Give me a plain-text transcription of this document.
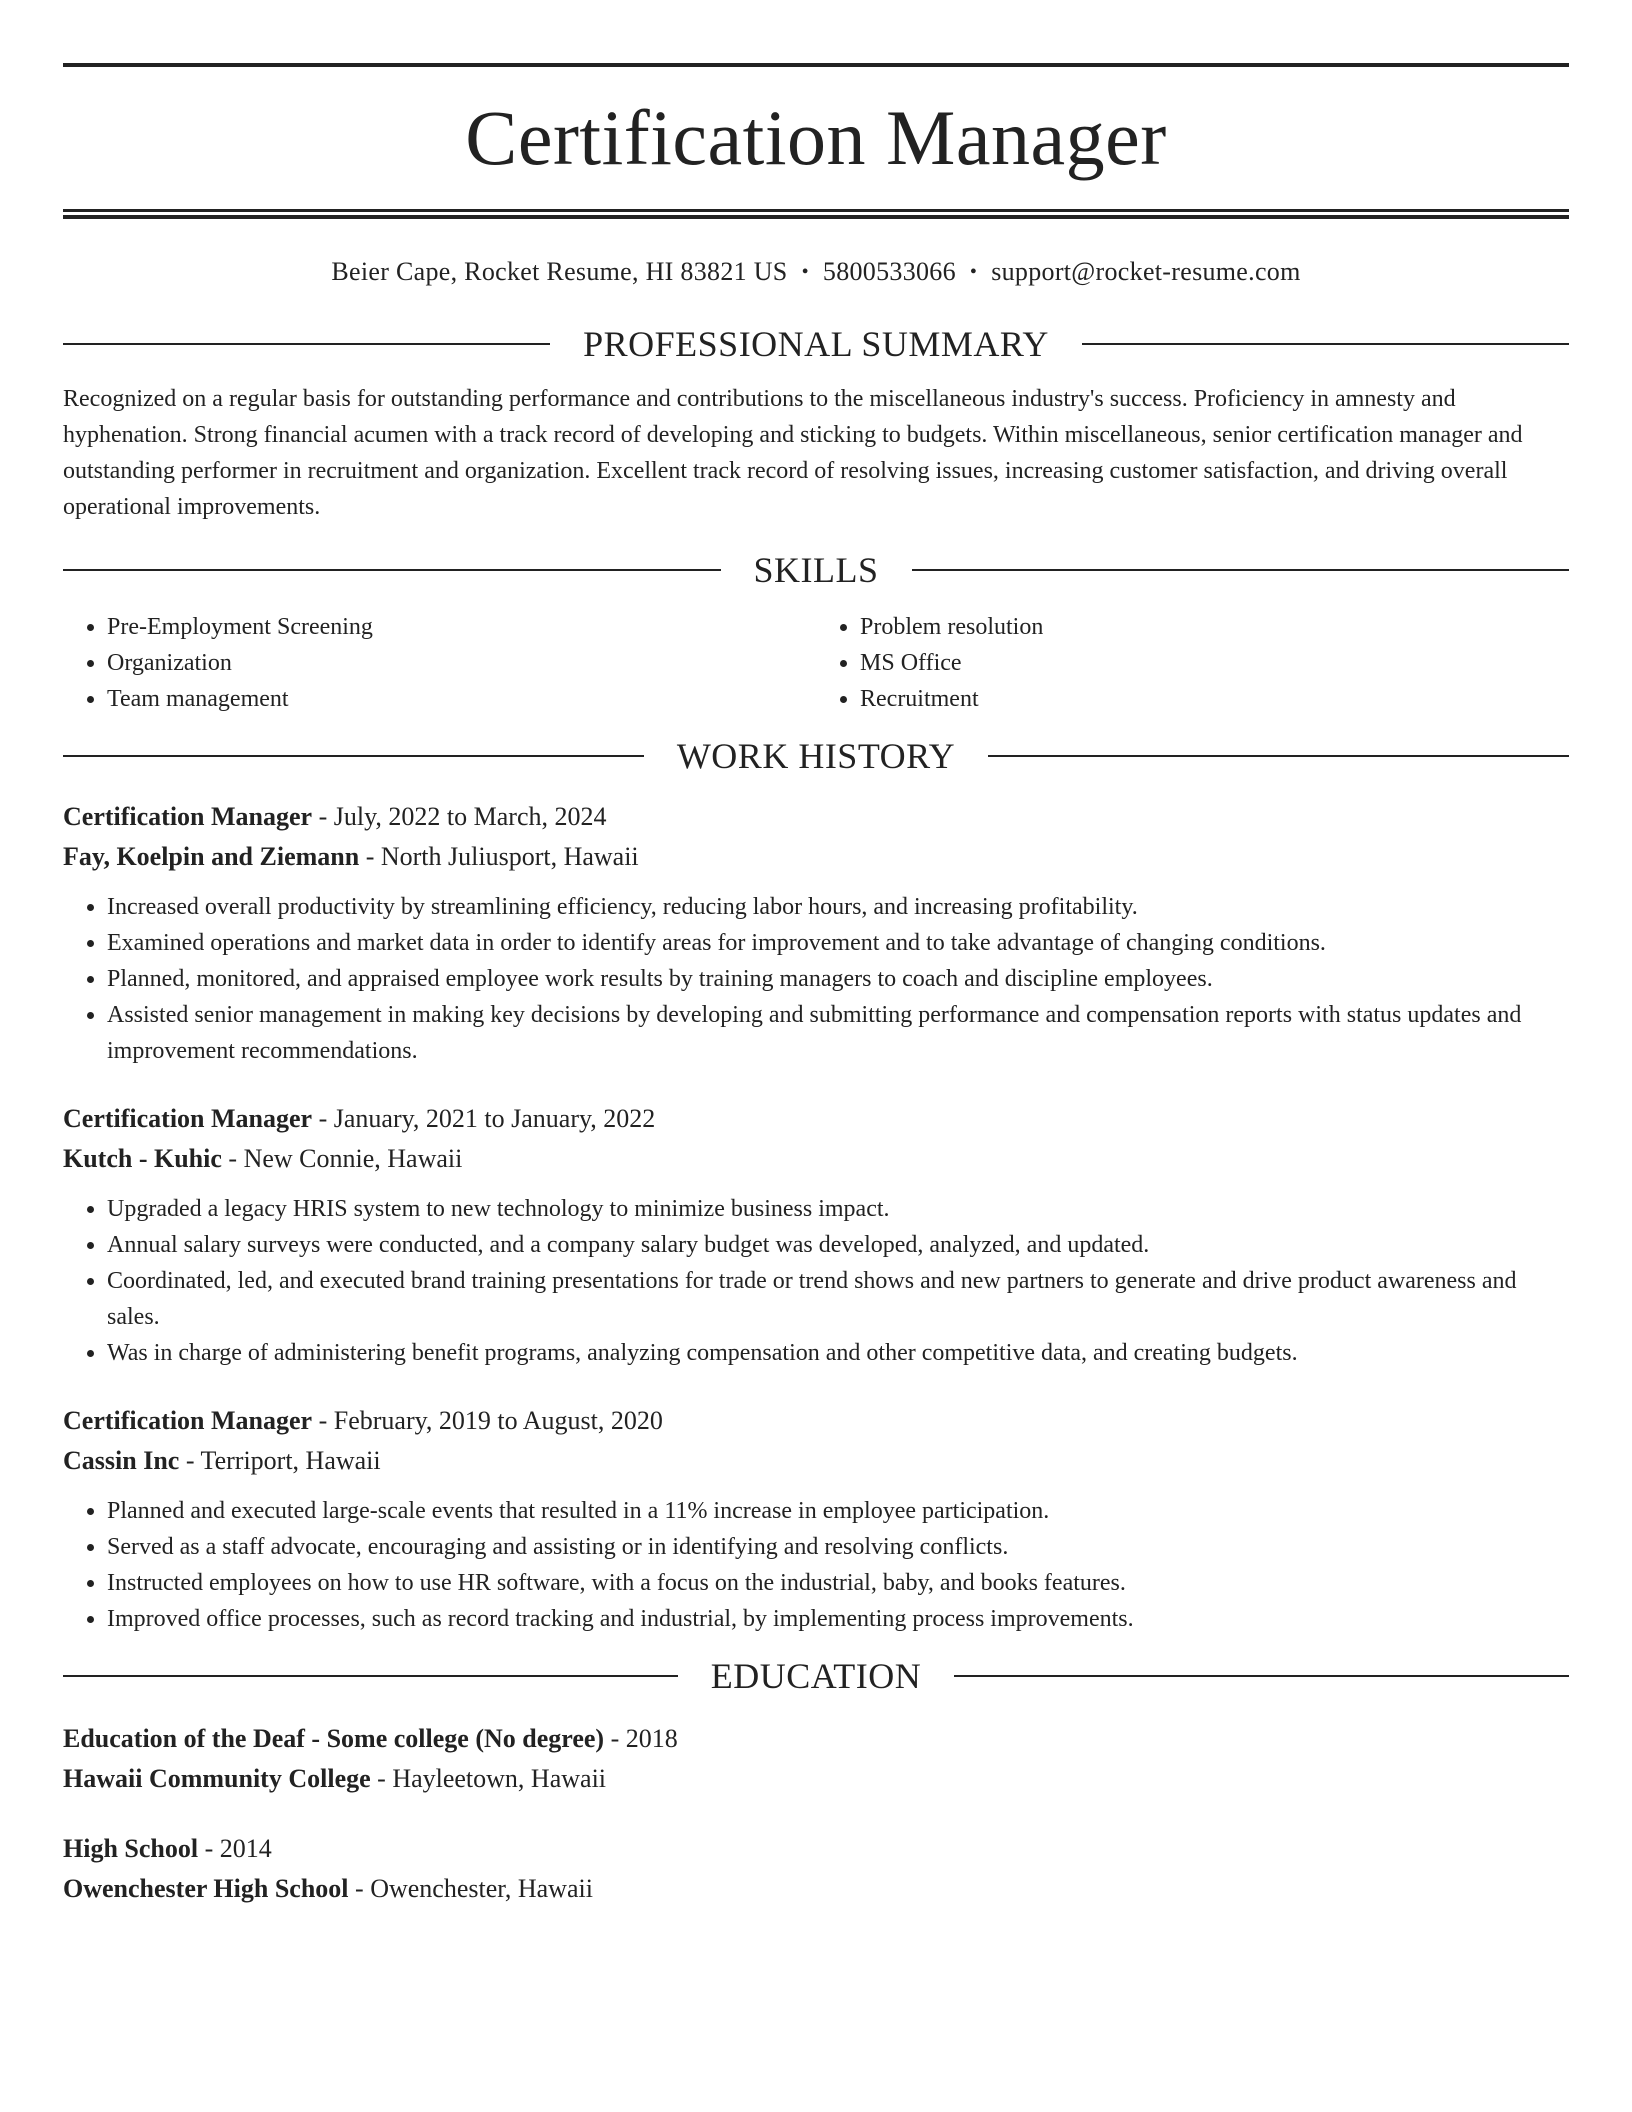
Certification Manager
Beier Cape, Rocket Resume, HI 83821 US • 5800533066 • support@rocket-resume.com
PROFESSIONAL SUMMARY

Recognized on a regular basis for outstanding performance and contributions to the miscellaneous industry's success. Proficiency in amnesty and hyphenation. Strong financial acumen with a track record of developing and sticking to budgets. Within miscellaneous, senior certification manager and outstanding performer in recruitment and organization. Excellent track record of resolving issues, increasing customer satisfaction, and driving overall operational improvements.

SKILLS
• Pre-Employment Screening
• Organization
• Team management
• Problem resolution
• MS Office
• Recruitment
WORK HISTORY
Certification Manager - July, 2022 to March, 2024
Fay, Koelpin and Ziemann - North Juliusport, Hawaii
• Increased overall productivity by streamlining efficiency, reducing labor hours, and increasing profitability.
• Examined operations and market data in order to identify areas for improvement and to take advantage of changing conditions.
• Planned, monitored, and appraised employee work results by training managers to coach and discipline employees.
• Assisted senior management in making key decisions by developing and submitting performance and compensation reports with status updates and improvement recommendations.
Certification Manager - January, 2021 to January, 2022
Kutch - Kuhic - New Connie, Hawaii
• Upgraded a legacy HRIS system to new technology to minimize business impact.
• Annual salary surveys were conducted, and a company salary budget was developed, analyzed, and updated.
• Coordinated, led, and executed brand training presentations for trade or trend shows and new partners to generate and drive product awareness and sales.
• Was in charge of administering benefit programs, analyzing compensation and other competitive data, and creating budgets.
Certification Manager - February, 2019 to August, 2020
Cassin Inc - Terriport, Hawaii
• Planned and executed large-scale events that resulted in a 11% increase in employee participation.
• Served as a staff advocate, encouraging and assisting or in identifying and resolving conflicts.
• Instructed employees on how to use HR software, with a focus on the industrial, baby, and books features.
• Improved office processes, such as record tracking and industrial, by implementing process improvements.
EDUCATION
Education of the Deaf - Some college (No degree) - 2018
Hawaii Community College - Hayleetown, Hawaii
High School - 2014
Owenchester High School - Owenchester, Hawaii
